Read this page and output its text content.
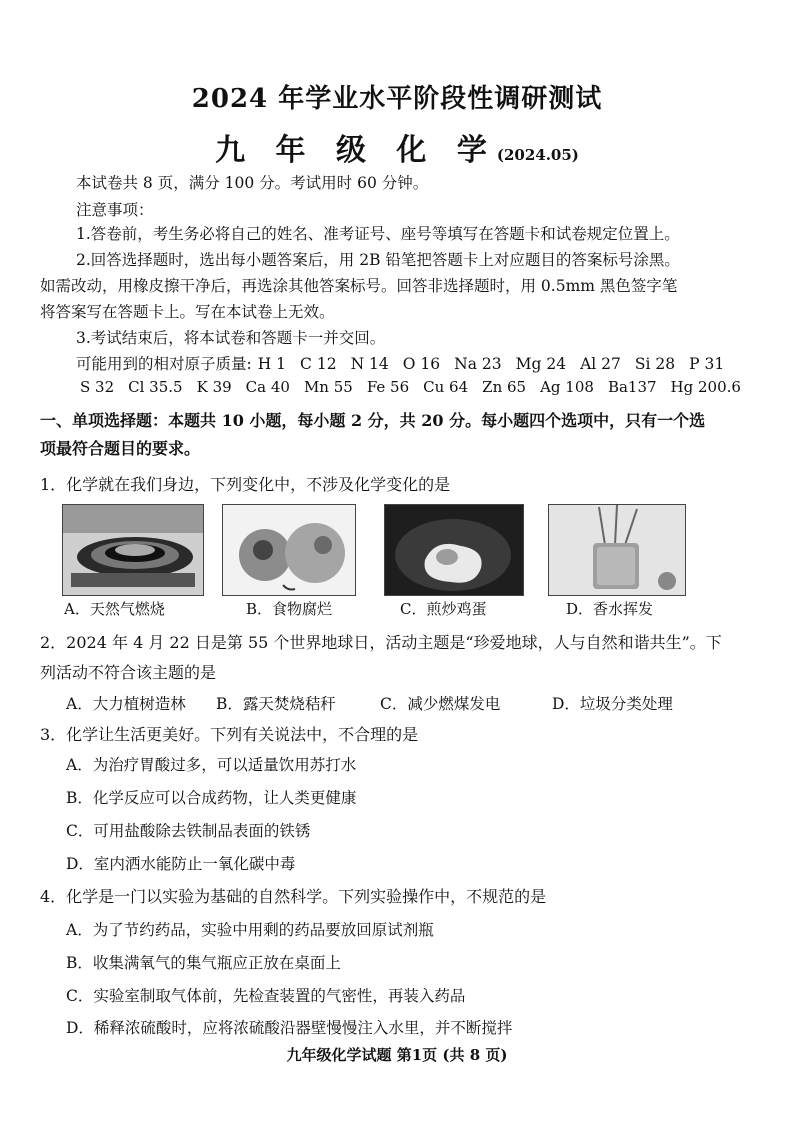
2024 年学业水平阶段性调研测试
九 年 级 化 学(2024.05)
本试卷共 8 页，满分 100 分。考试用时 60 分钟。
注意事项：
1.答卷前，考生务必将自己的姓名、准考证号、座号等填写在答题卡和试卷规定位置上。
2.回答选择题时，选出每小题答案后，用 2B 铅笔把答题卡上对应题目的答案标号涂黑。
如需改动，用橡皮擦干净后，再选涂其他答案标号。回答非选择题时，用 0.5mm 黑色签字笔
将答案写在答题卡上。写在本试卷上无效。
3.考试结束后，将本试卷和答题卡一并交回。
可能用到的相对原子质量: H 1 C 12 N 14 O 16 Na 23 Mg 24 Al 27 Si 28 P 31
S 32 Cl 35.5 K 39 Ca 40 Mn 55 Fe 56 Cu 64 Zn 65 Ag 108 Ba137 Hg 200.6
一、单项选择题：本题共 10 小题，每小题 2 分，共 20 分。每小题四个选项中，只有一个选
项最符合题目的要求。
1．化学就在我们身边，下列变化中，不涉及化学变化的是
A．天然气燃烧	B．食物腐烂	C．煎炒鸡蛋	D．香水挥发
2．2024 年 4 月 22 日是第 55 个世界地球日，活动主题是“珍爱地球，人与自然和谐共生”。下
列活动不符合该主题的是
A．大力植树造林 B．露天焚烧秸秆	C．减少燃煤发电	D．垃圾分类处理
3．化学让生活更美好。下列有关说法中，不合理的是
A．为治疗胃酸过多，可以适量饮用苏打水
B．化学反应可以合成药物，让人类更健康
C．可用盐酸除去铁制品表面的铁锈
D．室内洒水能防止一氧化碳中毒
4．化学是一门以实验为基础的自然科学。下列实验操作中，不规范的是
A．为了节约药品，实验中用剩的药品要放回原试剂瓶
B．收集满氧气的集气瓶应正放在桌面上
C．实验室制取气体前，先检查装置的气密性，再装入药品
D．稀释浓硫酸时，应将浓硫酸沿器壁慢慢注入水里，并不断搅拌
九年级化学试题 第1页 (共 8 页)
